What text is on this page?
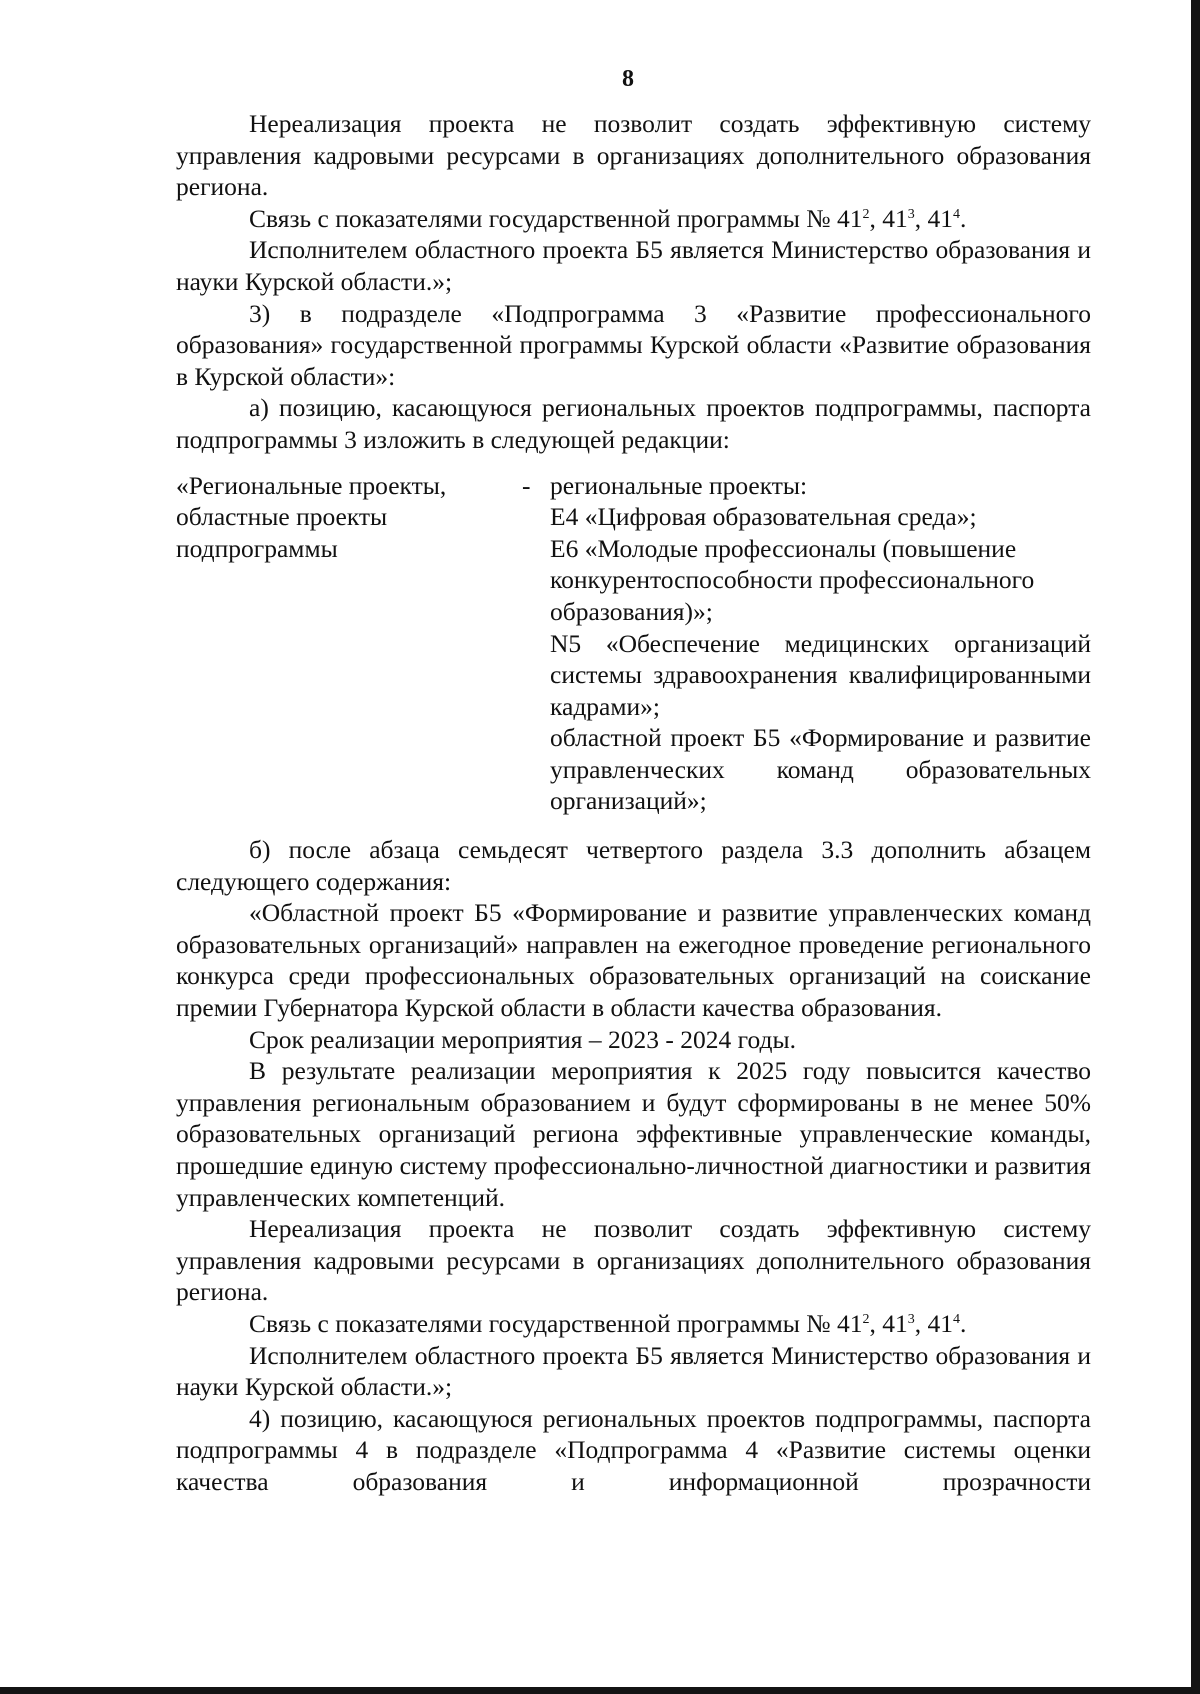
8

Нереализация проекта не позволит создать эффективную систему управления кадровыми ресурсами в организациях дополнительного образования региона.

Связь с показателями государственной программы № $41^2$, $41^3$, $41^4$.

Исполнителем областного проекта Б5 является Министерство образования и науки Курской области.»;

3) в подразделе «Подпрограмма 3 «Развитие профессионального образования» государственной программы Курской области «Развитие образования в Курской области»:

а) позицию, касающуюся региональных проектов подпрограммы, паспорта подпрограммы 3 изложить в следующей редакции:

«Региональные проекты, областные проекты подпрограммы
- региональные проекты:

Е4 «Цифровая образовательная среда»;

Е6 «Молодые профессионалы (повышение конкурентоспособности профессионального образования)»;

N5 «Обеспечение медицинских организаций системы здравоохранения квалифицированными кадрами»;

областной проект Б5 «Формирование и развитие управленческих команд образовательных организаций»;

б) после абзаца семьдесят четвертого раздела 3.3 дополнить абзацем следующего содержания:

«Областной проект Б5 «Формирование и развитие управленческих команд образовательных организаций» направлен на ежегодное проведение регионального конкурса среди профессиональных образовательных организаций на соискание премии Губернатора Курской области в области качества образования.

Срок реализации мероприятия – 2023 - 2024 годы.

В результате реализации мероприятия к 2025 году повысится качество управления региональным образованием и будут сформированы в не менее 50% образовательных организаций региона эффективные управленческие команды, прошедшие единую систему профессионально-личностной диагностики и развития управленческих компетенций.

Нереализация проекта не позволит создать эффективную систему управления кадровыми ресурсами в организациях дополнительного образования региона.

Связь с показателями государственной программы № $41^2$, $41^3$, $41^4$.

Исполнителем областного проекта Б5 является Министерство образования и науки Курской области.»;

4) позицию, касающуюся региональных проектов подпрограммы, паспорта подпрограммы 4 в подразделе «Подпрограмма 4 «Развитие системы оценки качества образования и информационной прозрачности
